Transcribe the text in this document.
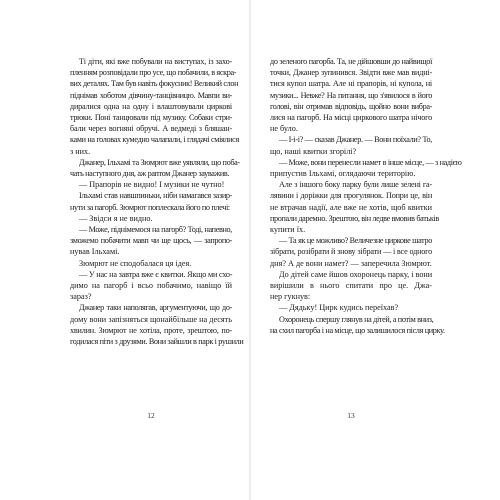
Ті діти, які вже побували на виступах, із захо-
пленням розповідали про усе, що побачили, в яскра-
вих деталях. Там був навіть фокусник! Великий слон
піднімав хоботом дівчину-танцівницю. Мавпи ви-
диралися одна на одну і влаштовували циркові
трюки. Поні танцювали під музику. Собаки стри-
бали через вогняні обручі. А ведмеді з бляшан-
ками на головах кумедно чалапали, і глядачі сміялися
з них.
Джанер, Ільхамі та Зюмрют вже уявляли, що поба-
чать наступного дня, аж раптом Джанер зауважив.
— Прапорів не видно! І музики не чутно!
Ільхамі став навшпиньки, ніби намагався зазир-
нути за пагорб. Зюмрют поплескала його по плечі:
— Звідси я не видно.
— Може, піднімемося на пагорб? Тоді, напевно,
зможемо побачити мавп чи ще щось, — запропо-
нував Ільхамі.
Зюмрют не сподобалася ця ідея.
— У нас на завтра вже є квитки. Якщо ми схо-
димо на пагорб і всьо побачимо, навіщо їй
зараз?
Джанер таки наполягав, аргументуючи, що до-
дому вони запізняться щонайбільше на десять
хвилин. Зюмрют не хотіла, проте, зрештою, по-
годилася піти з друзями. Вони зайшли в парк і рушили
12
до зеленого пагорба. Та, не дійшовши до найвищої
точки, Джанер зупинився. Звідти вже мав видні-
тися купол шатра. Але ні прапорів, ні купола, ні
музики... Невже? На питання, що з'явилося в його
голові, він отримав відповідь, щойно вони вибра-
лися на пагорб. На місці циркового шатра нічого
не було.
— І-і-і? — сказав Джанер. — Вони поїхали? То,
що, наші квитки згорілі?
— Може, вони перенесли намет в інше місце, — з надією
припустив Ільхамі, оглядаючи територію.
Але з іншого боку парку були лише зелені га-
лявини і доріжки для прогулянок. Попри це, він
не втрачав надії, але вже не хотів, щоб квитки
пропали даремно. Зрештою, він ледве вмовив батьків
купити їх.
— Та як це можливо? Величезне циркове шатро
зібрати, розібрати й знову зібрати — і все одного
дня? А де вони намет? — заперечила Зюмрют.
До дітей саме йшов охоронець парку, і вони
вирішили в нього спитати про це. Джа-
нер гукнув:
— Дядьку! Цирк кудись переїхав?
Охоронець спершу глянув на дітей, а потім вниз,
на схил пагорба і на місце, що залишилося після цирку.
13
